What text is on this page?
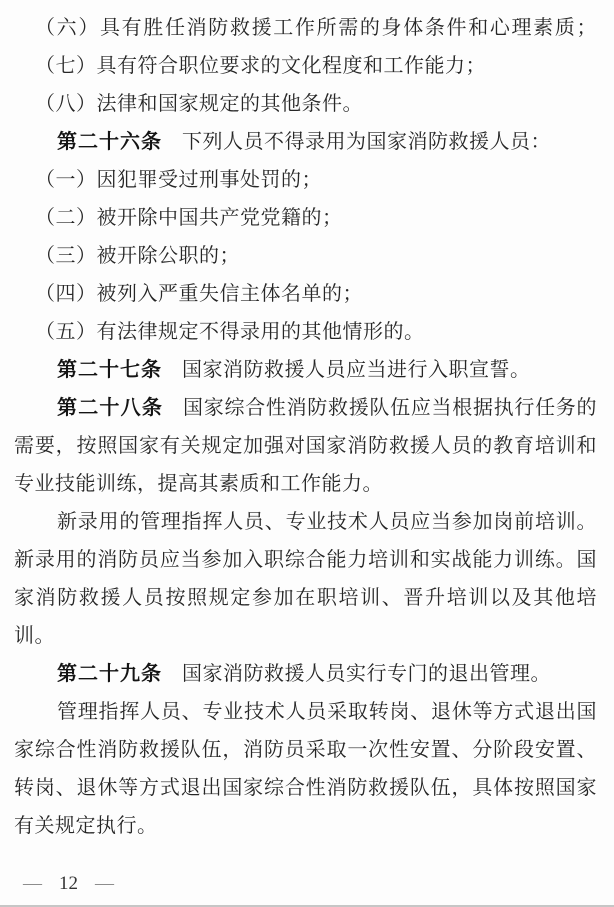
（六）具有胜任消防救援工作所需的身体条件和心理素质；
（七）具有符合职位要求的文化程度和工作能力；
（八）法律和国家规定的其他条件。
第二十六条 下列人员不得录用为国家消防救援人员：
（一）因犯罪受过刑事处罚的；
（二）被开除中国共产党党籍的；
（三）被开除公职的；
（四）被列入严重失信主体名单的；
（五）有法律规定不得录用的其他情形的。
第二十七条 国家消防救援人员应当进行入职宣誓。
第二十八条 国家综合性消防救援队伍应当根据执行任务的
需要，按照国家有关规定加强对国家消防救援人员的教育培训和
专业技能训练，提高其素质和工作能力。
新录用的管理指挥人员、专业技术人员应当参加岗前培训。
新录用的消防员应当参加入职综合能力培训和实战能力训练。国
家消防救援人员按照规定参加在职培训、晋升培训以及其他培
训。
第二十九条 国家消防救援人员实行专门的退出管理。
管理指挥人员、专业技术人员采取转岗、退休等方式退出国
家综合性消防救援队伍，消防员采取一次性安置、分阶段安置、
转岗、退休等方式退出国家综合性消防救援队伍，具体按照国家
有关规定执行。
— 12 —
